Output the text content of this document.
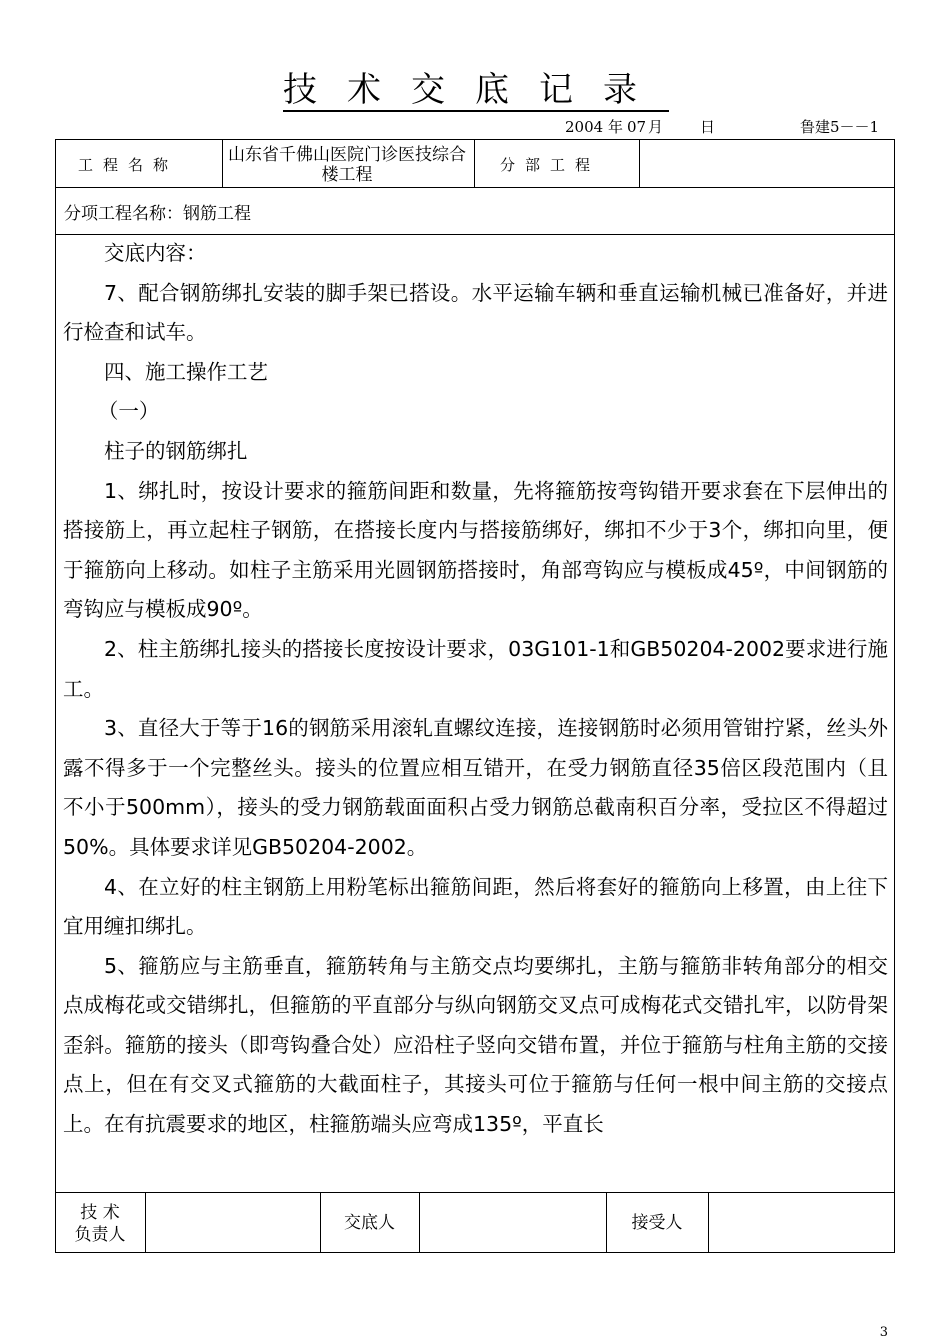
技术交底记录
2004 年 07 月 日	鲁建5－－1
工程名称	山东省千佛山医院门诊医技综合楼工程	分部工程
分项工程名称：钢筋工程

交底内容：

7、配合钢筋绑扎安装的脚手架已搭设。水平运输车辆和垂直运输机械已准备好，并进行检查和试车。

四、施工操作工艺

（一）

柱子的钢筋绑扎

1、绑扎时，按设计要求的箍筋间距和数量，先将箍筋按弯钩错开要求套在下层伸出的搭接筋上，再立起柱子钢筋，在搭接长度内与搭接筋绑好，绑扣不少于3个，绑扣向里，便于箍筋向上移动。如柱子主筋采用光圆钢筋搭接时，角部弯钩应与模板成45º，中间钢筋的弯钩应与模板成90º。

2、柱主筋绑扎接头的搭接长度按设计要求，03G101-1和GB50204-2002要求进行施工。

3、直径大于等于16的钢筋采用滚轧直螺纹连接，连接钢筋时必须用管钳拧紧，丝头外露不得多于一个完整丝头。接头的位置应相互错开，在受力钢筋直径35倍区段范围内（且不小于500mm），接头的受力钢筋载面面积占受力钢筋总截南积百分率，受拉区不得超过50%。具体要求详见GB50204-2002。

4、在立好的柱主钢筋上用粉笔标出箍筋间距，然后将套好的箍筋向上移置，由上往下宜用缠扣绑扎。

5、箍筋应与主筋垂直，箍筋转角与主筋交点均要绑扎，主筋与箍筋非转角部分的相交点成梅花或交错绑扎，但箍筋的平直部分与纵向钢筋交叉点可成梅花式交错扎牢，以防骨架歪斜。箍筋的接头（即弯钩叠合处）应沿柱子竖向交错布置，并位于箍筋与柱角主筋的交接点上，但在有交叉式箍筋的大截面柱子，其接头可位于箍筋与任何一根中间主筋的交接点上。在有抗震要求的地区，柱箍筋端头应弯成135º，平直长

技 术
负责人
交底人	接受人
3
